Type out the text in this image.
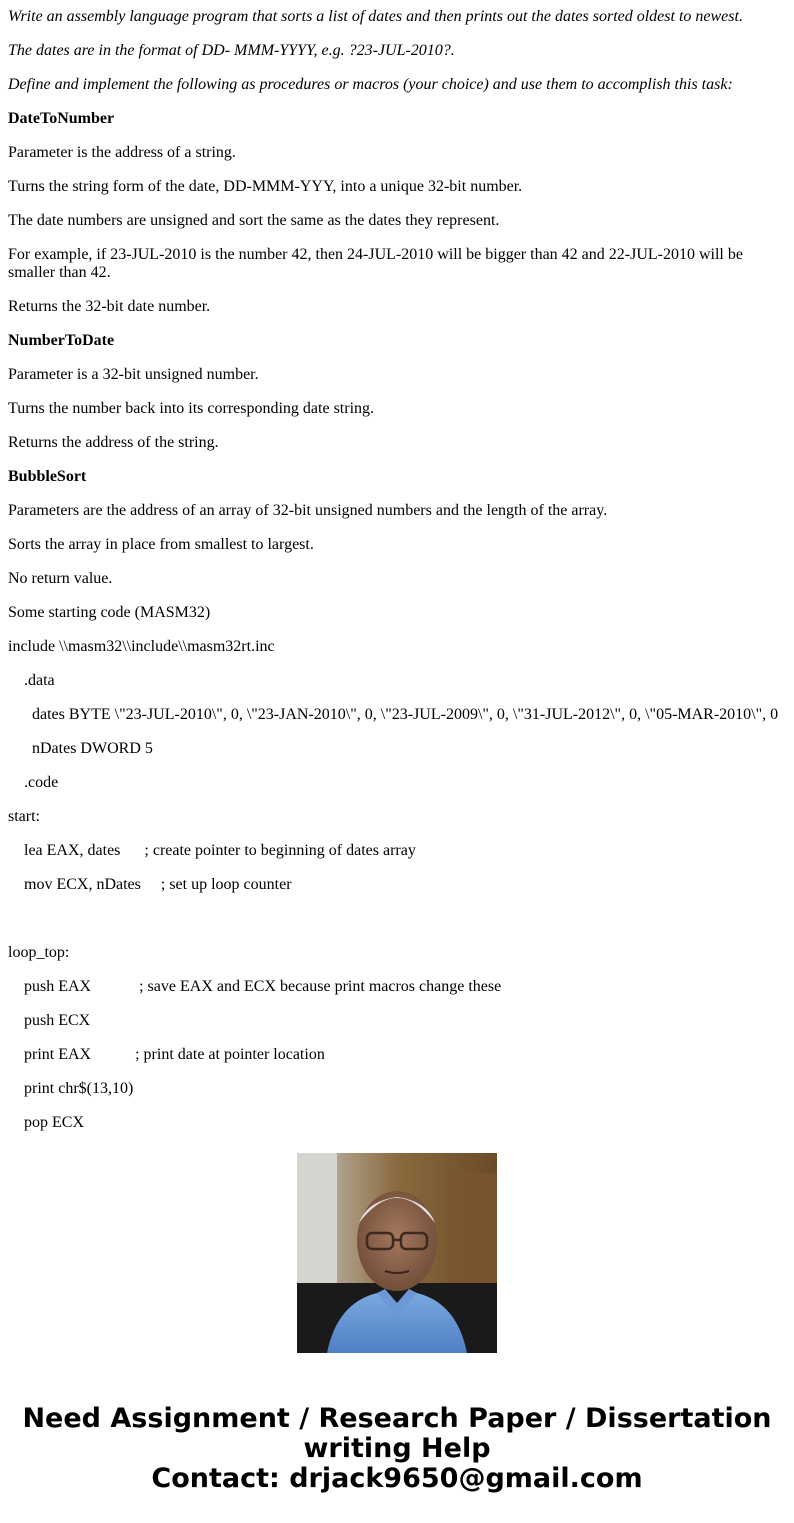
Write an assembly language program that sorts a list of dates and then prints out the dates sorted oldest to newest.

The dates are in the format of DD- MMM-YYYY, e.g. ?23-JUL-2010?.

Define and implement the following as procedures or macros (your choice) and use them to accomplish this task:

DateToNumber

Parameter is the address of a string.

Turns the string form of the date, DD-MMM-YYY, into a unique 32-bit number.

The date numbers are unsigned and sort the same as the dates they represent.

For example, if 23-JUL-2010 is the number 42, then 24-JUL-2010 will be bigger than 42 and 22-JUL-2010 will be smaller than 42.

Returns the 32-bit date number.

NumberToDate

Parameter is a 32-bit unsigned number.

Turns the number back into its corresponding date string.

Returns the address of the string.

BubbleSort

Parameters are the address of an array of 32-bit unsigned numbers and the length of the array.

Sorts the array in place from smallest to largest.

No return value.

Some starting code (MASM32)

include \\masm32\\include\\masm32rt.inc

.data

dates BYTE \"23-JUL-2010\", 0, \"23-JAN-2010\", 0, \"23-JUL-2009\", 0, \"31-JUL-2012\", 0, \"05-MAR-2010\", 0

nDates DWORD 5

.code

start:

lea EAX, dates      ; create pointer to beginning of dates array

mov ECX, nDates     ; set up loop counter

loop_top:

push EAX            ; save EAX and ECX because print macros change these

push ECX

print EAX           ; print date at pointer location

print chr$(13,10)

pop ECX

Need Assignment / Research Paper / Dissertation
writing Help
Contact: drjack9650@gmail.com
